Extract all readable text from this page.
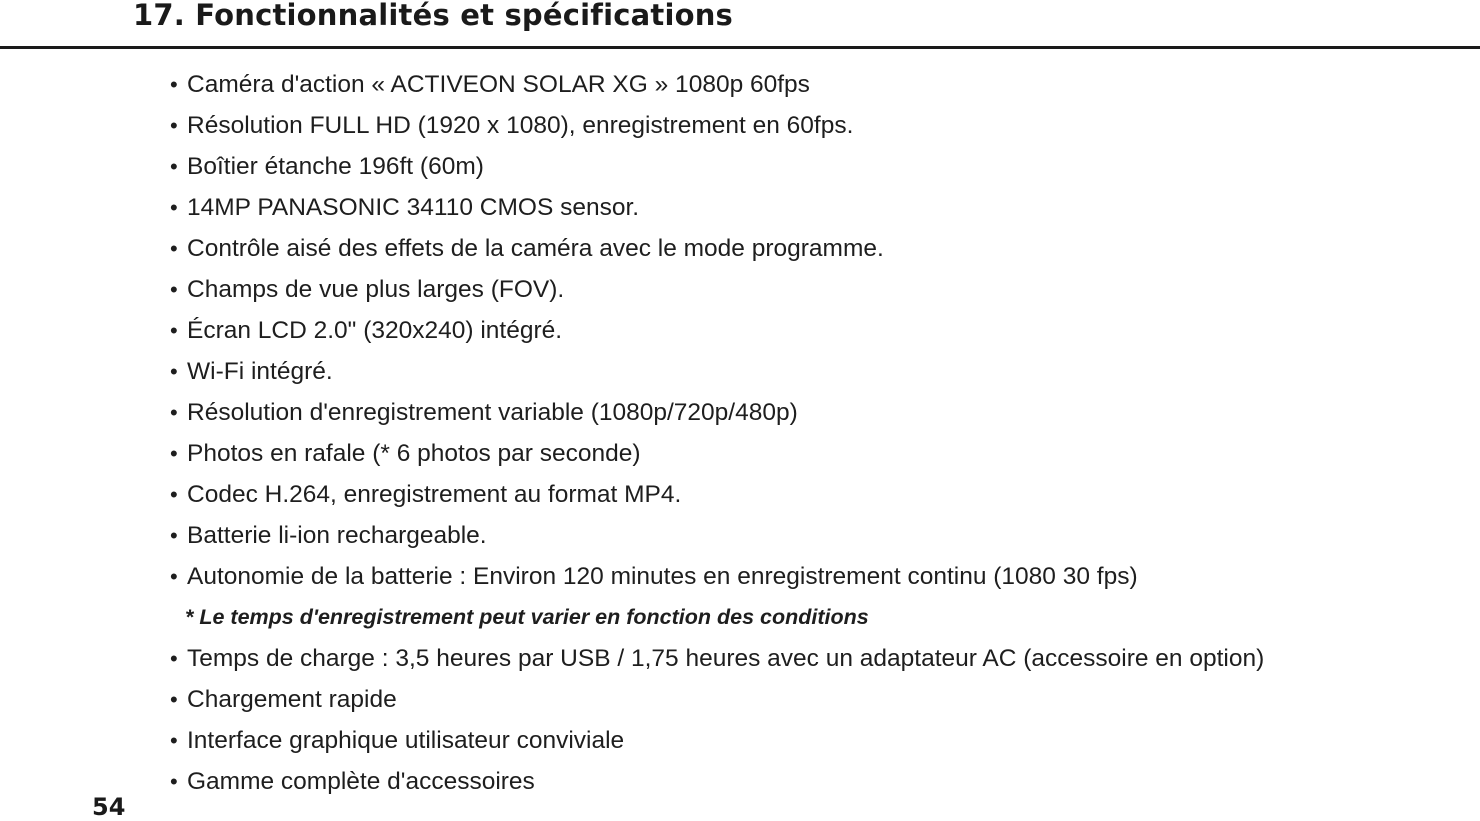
17. Fonctionnalités et spécifications
• Caméra d'action « ACTIVEON SOLAR XG » 1080p 60fps
• Résolution FULL HD (1920 x 1080), enregistrement en 60fps.
• Boîtier étanche 196ft (60m)
• 14MP PANASONIC 34110 CMOS sensor.
• Contrôle aisé des effets de la caméra avec le mode programme.
• Champs de vue plus larges (FOV).
• Écran LCD 2.0" (320x240) intégré.
• Wi-Fi intégré.
• Résolution d'enregistrement variable (1080p/720p/480p)
• Photos en rafale (* 6 photos par seconde)
• Codec H.264, enregistrement au format MP4.
• Batterie li-ion rechargeable.
• Autonomie de la batterie : Environ 120 minutes en enregistrement continu (1080 30 fps)
* Le temps d'enregistrement peut varier en fonction des conditions
• Temps de charge : 3,5 heures par USB / 1,75 heures avec un adaptateur AC (accessoire en option)
• Chargement rapide
• Interface graphique utilisateur conviviale
• Gamme complète d'accessoires
54
